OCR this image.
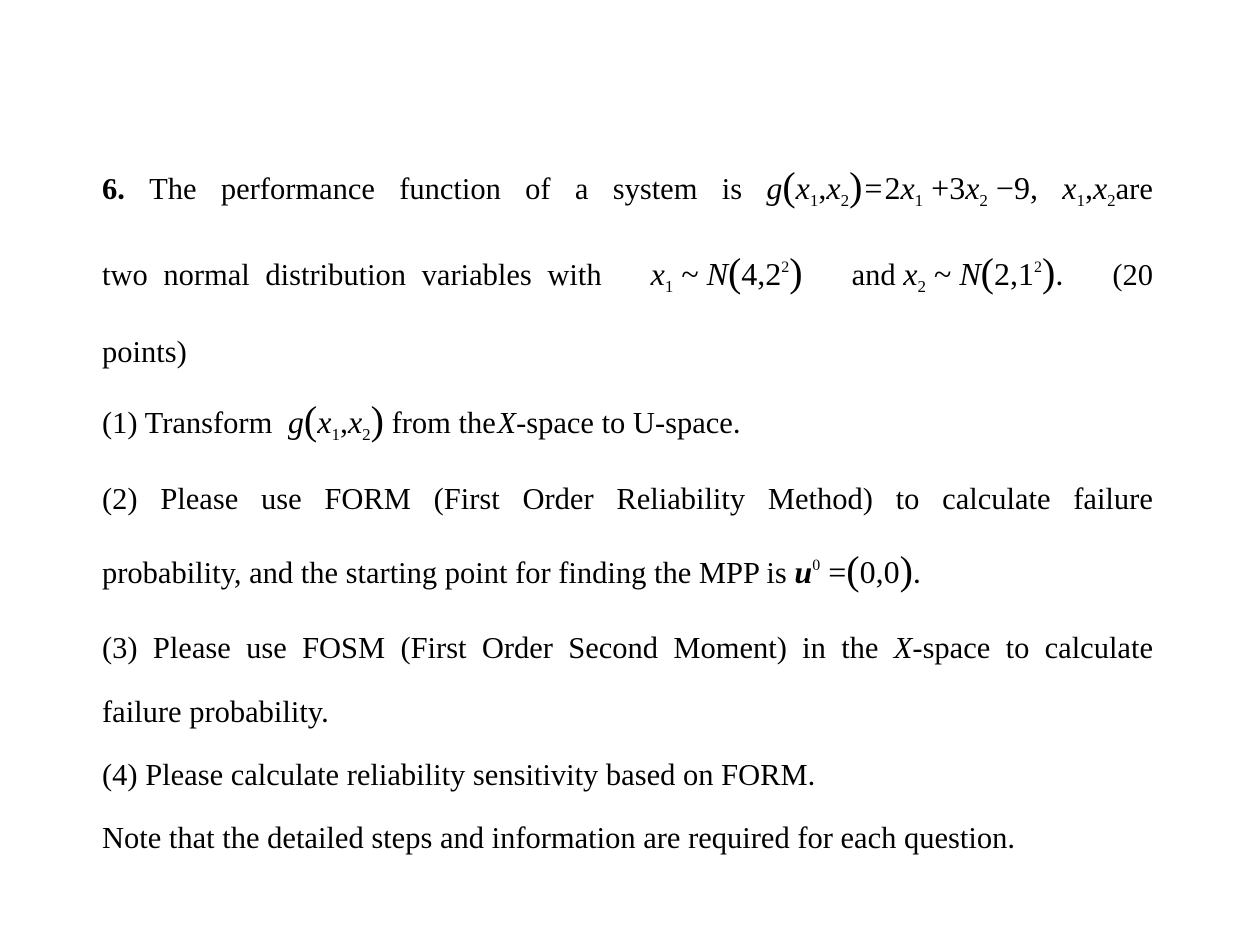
6. The performance function of a system is $g(x_1,x_2)=2x_1 +3x_2 -9$, $x_1,x_2are$
two normal distribution variables with $x_1$ ~ $N(4,2^2)$ and $x_2$ ~ $N(2,1^2)$. (20
points)
(1) Transform $g(x_1,x_2)$ from the X-space to U-space.
(2) Please use FORM (First Order Reliability Method) to calculate failure
probability, and the starting point for finding the MPP is $u^0 =(0,0)$.
(3) Please use FOSM (First Order Second Moment) in the X-space to calculate
failure probability.
(4) Please calculate reliability sensitivity based on FORM.
Note that the detailed steps and information are required for each question.
